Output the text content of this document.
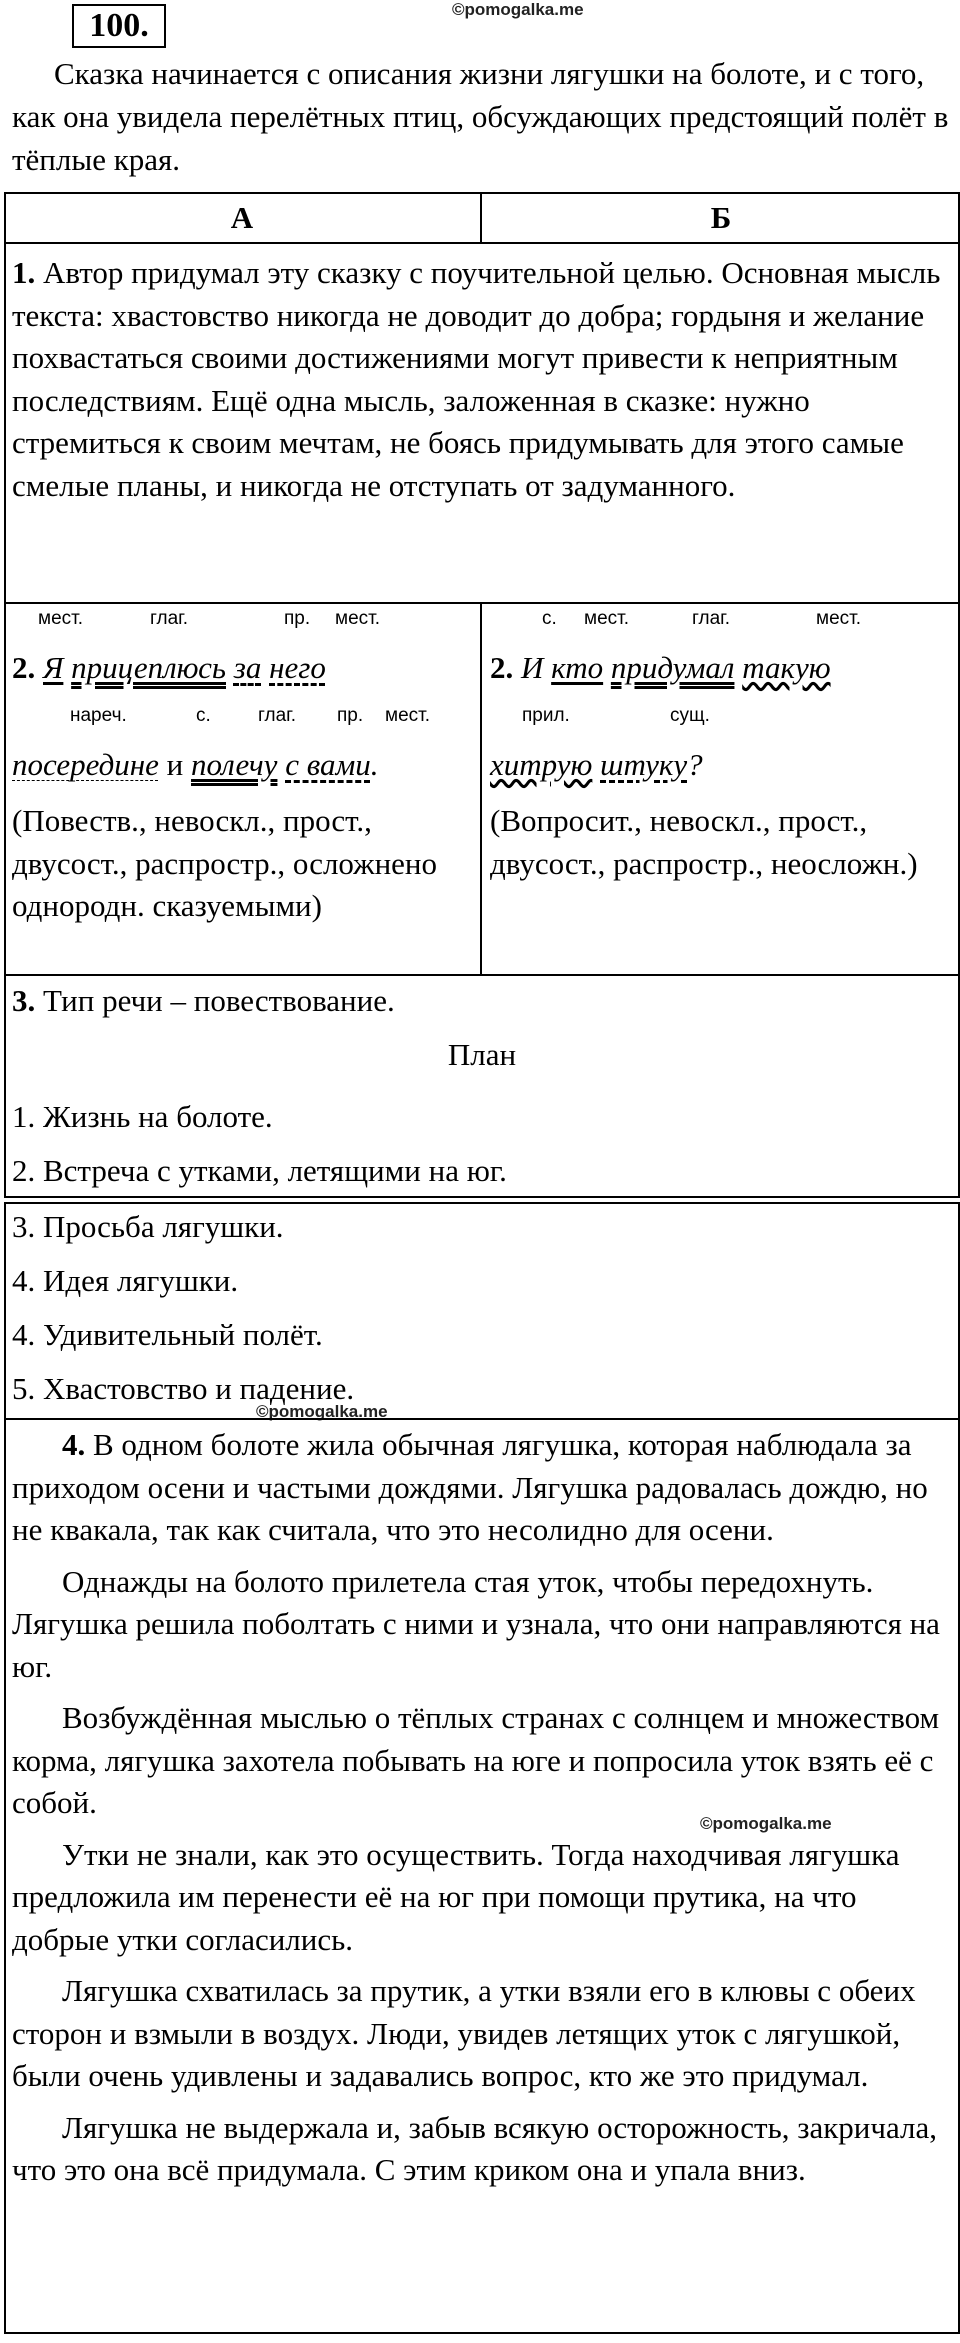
100.	©pomogalka.me

Сказка начинается с описания жизни лягушки на болоте, и с того, как она увидела перелётных птиц, обсуждающих предстоящий полёт в тёплые края.

А	Б
1. Автор придумал эту сказку с поучительной целью. Основная мысль текста: хвастовство никогда не доводит до добра; гордыня и желание похвастаться своими достижениями могут привести к неприятным последствиям. Ещё одна мысль, заложенная в сказке: нужно стремиться к своим мечтам, не боясь придумывать для этого самые смелые планы, и никогда не отступать от задуманного.
мест.	глаг.	пр. мест.
2. Я прицеплюсь за него
нареч.	с. глаг. пр. мест.
посередине и полечу с вами.
(Повеств., невоскл., прост., двусост., распростр., осложнено однородн. сказуемыми)
с. мест.	глаг.	мест.
2. И кто придумал такую
прил.	сущ.
хитрую штуку?
(Вопросит., невоскл., прост., двусост., распростр., неосложн.)
3. Тип речи – повествование.
План
1. Жизнь на болоте.
2. Встреча с утками, летящими на юг.
3. Просьба лягушки.
4. Идея лягушки.
4. Удивительный полёт.
5. Хвастовство и падение.
©pomogalka.me

4. В одном болоте жила обычная лягушка, которая наблюдала за приходом осени и частыми дождями. Лягушка радовалась дождю, но не квакала, так как считала, что это несолидно для осени.

Однажды на болото прилетела стая уток, чтобы передохнуть. Лягушка решила поболтать с ними и узнала, что они направляются на юг.

Возбуждённая мыслью о тёплых странах с солнцем и множеством корма, лягушка захотела побывать на юге и попросила уток взять её с собой.

Утки не знали, как это осуществить. Тогда находчивая лягушка предложила им перенести её на юг при помощи прутика, на что добрые утки согласились.

Лягушка схватилась за прутик, а утки взяли его в клювы с обеих сторон и взмыли в воздух. Люди, увидев летящих уток с лягушкой, были очень удивлены и задавались вопрос, кто же это придумал.

Лягушка не выдержала и, забыв всякую осторожность, закричала, что это она всё придумала. С этим криком она и упала вниз.

©pomogalka.me
